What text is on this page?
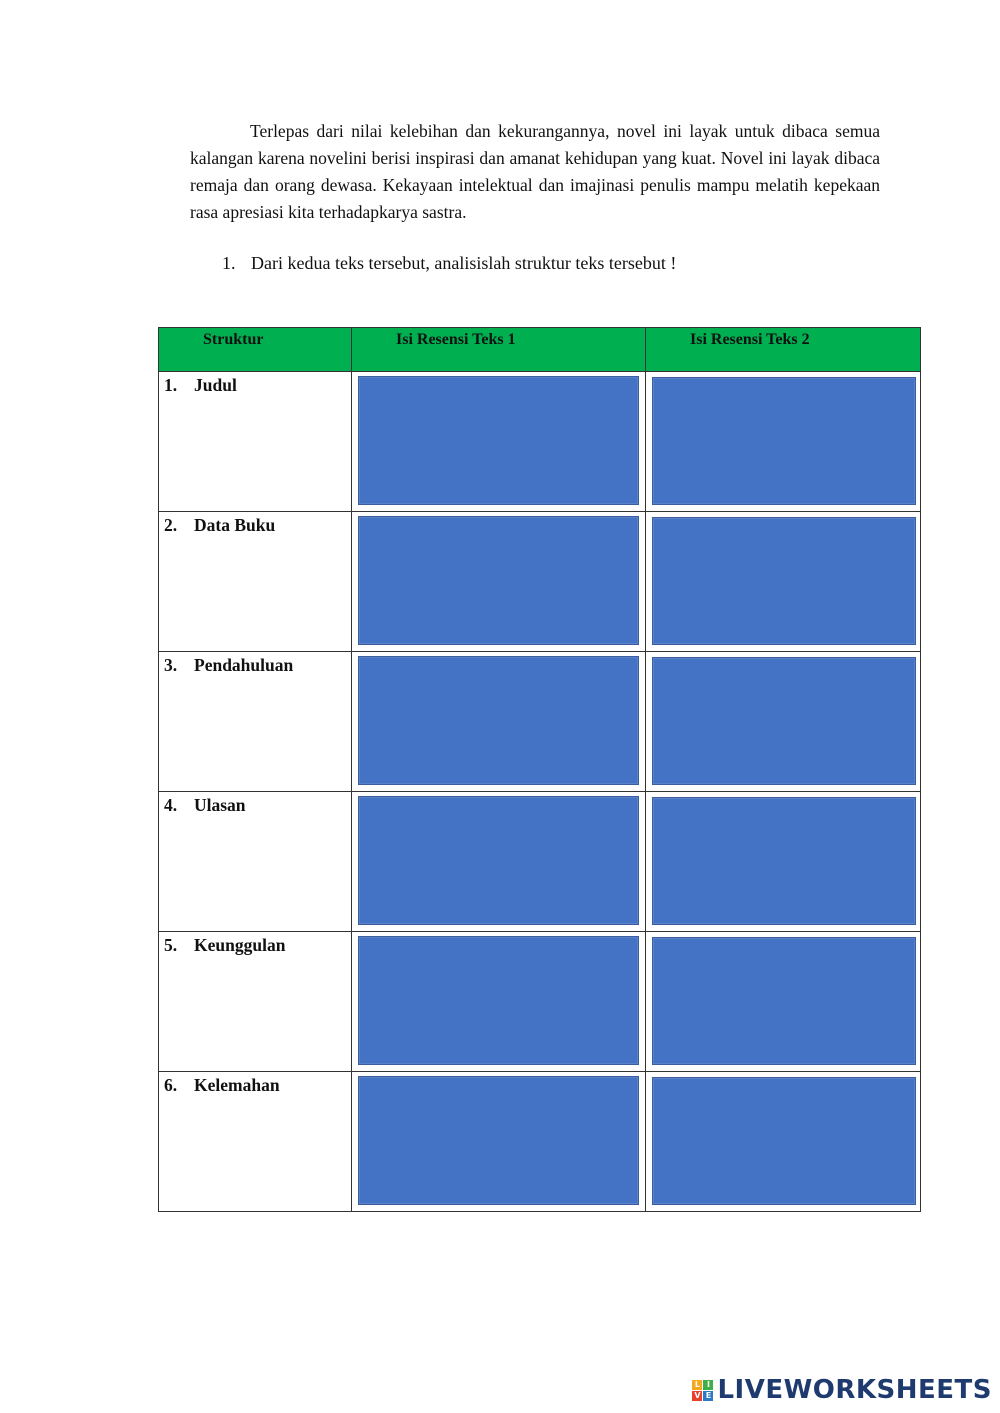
Terlepas dari nilai kelebihan dan kekurangannya, novel ini layak untuk dibaca semua kalangan karena novelini berisi inspirasi dan amanat kehidupan yang kuat. Novel ini layak dibaca remaja dan orang dewasa. Kekayaan intelektual dan imajinasi penulis mampu melatih kepekaan rasa apresiasi kita terhadapkarya sastra.

1. Dari kedua teks tersebut, analisislah struktur teks tersebut !

Struktur	Isi Resensi Teks 1	Isi Resensi Teks 2

1. Judul		

2. Data Buku		

3. Pendahuluan		

4. Ulasan		

5. Keunggulan		

6. Kelemahan		

L I
V E LIVEWORKSHEETS
